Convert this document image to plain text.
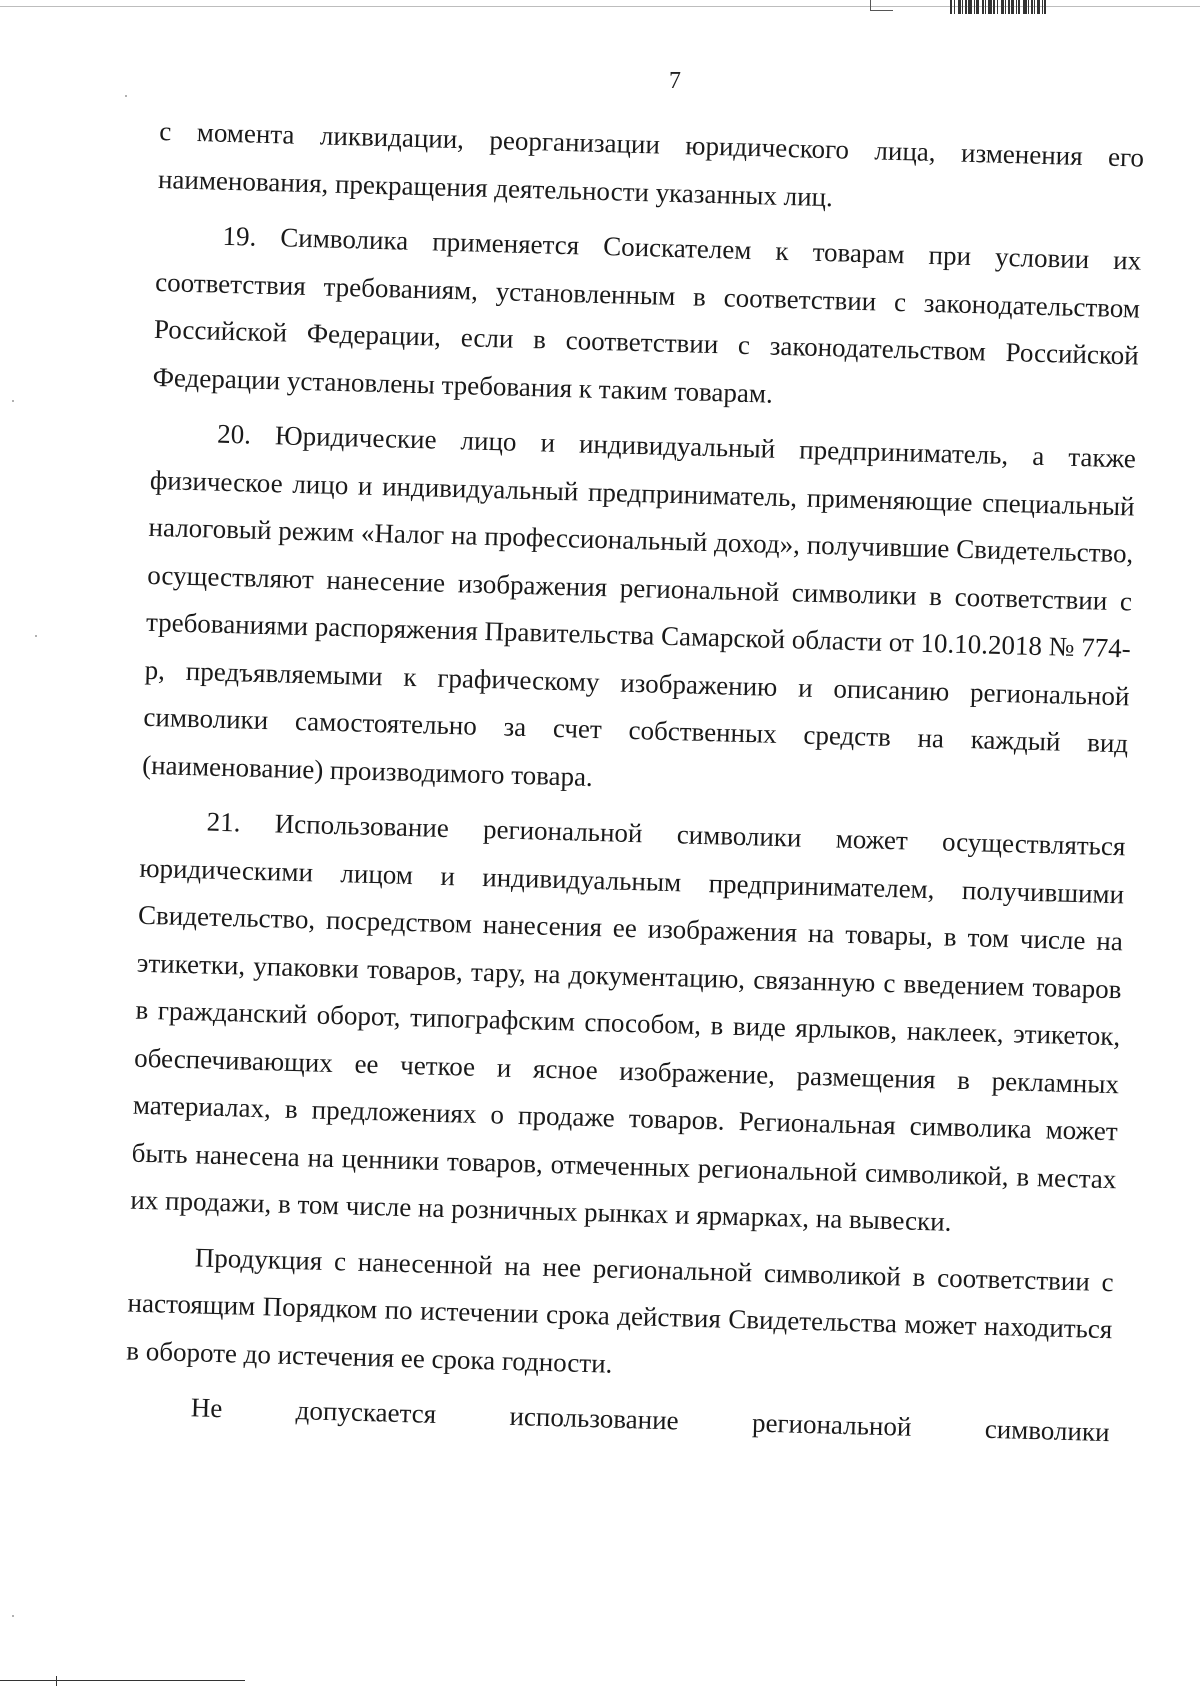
7

с момента ликвидации, реорганизации юридического лица, изменения его наименования, прекращения деятельности указанных лиц.

19. Символика применяется Соискателем к товарам при условии их соответствия требованиям, установленным в соответствии с законодательством Российской Федерации, если в соответствии с законодательством Российской Федерации установлены требования к таким товарам.

20. Юридические лицо и индивидуальный предприниматель, а также физическое лицо и индивидуальный предприниматель, применяющие специальный налоговый режим «Налог на профессиональный доход», получившие Свидетельство, осуществляют нанесение изображения региональной символики в соответствии с требованиями распоряжения Правительства Самарской области от 10.10.2018 № 774-р, предъявляемыми к графическому изображению и описанию региональной символики самостоятельно за счет собственных средств на каждый вид (наименование) производимого товара.

21. Использование региональной символики может осуществляться юридическими лицом и индивидуальным предпринимателем, получившими Свидетельство, посредством нанесения ее изображения на товары, в том числе на этикетки, упаковки товаров, тару, на документацию, связанную с введением товаров в гражданский оборот, типографским способом, в виде ярлыков, наклеек, этикеток, обеспечивающих ее четкое и ясное изображение, размещения в рекламных материалах, в предложениях о продаже товаров. Региональная символика может быть нанесена на ценники товаров, отмеченных региональной символикой, в местах их продажи, в том числе на розничных рынках и ярмарках, на вывески.

Продукция с нанесенной на нее региональной символикой в соответствии с настоящим Порядком по истечении срока действия Свидетельства может находиться в обороте до истечения ее срока годности.

Не допускается использование региональной символики
